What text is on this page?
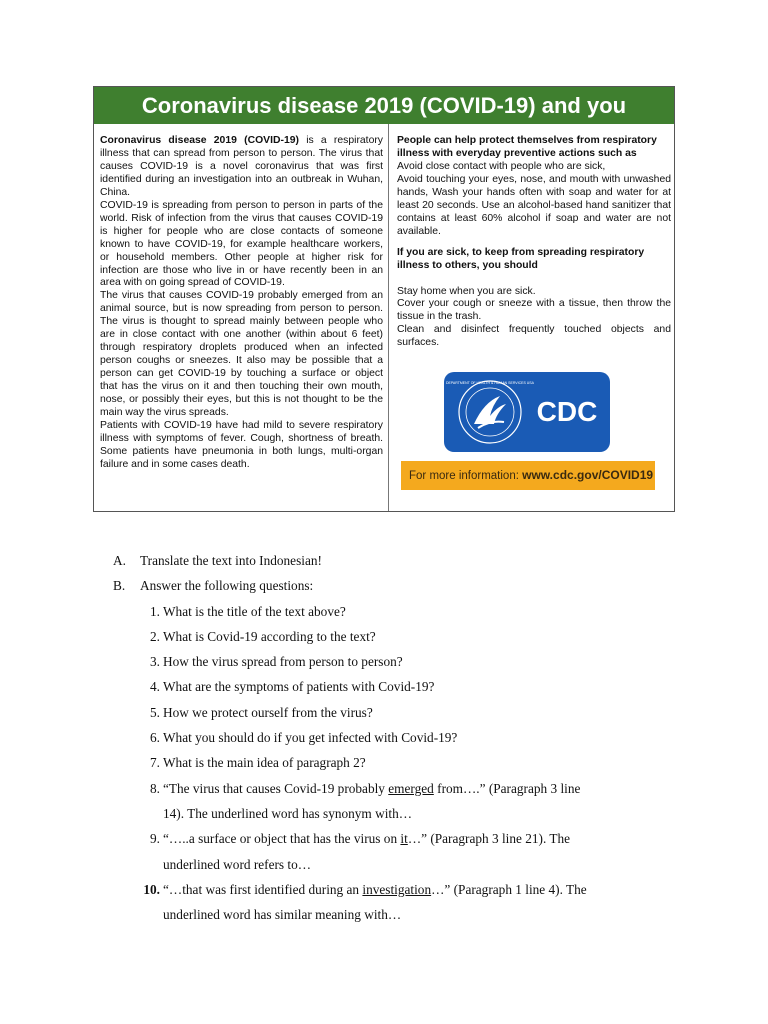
Coronavirus disease 2019 (COVID-19) and you

Coronavirus disease 2019 (COVID-19) is a respiratory illness that can spread from person to person. The virus that causes COVID-19 is a novel coronavirus that was first identified during an investigation into an outbreak in Wuhan, China.

COVID-19 is spreading from person to person in parts of the world. Risk of infection from the virus that causes COVID-19 is higher for people who are close contacts of someone known to have COVID-19, for example healthcare workers, or household members. Other people at higher risk for infection are those who live in or have recently been in an area with on going spread of COVID-19.

The virus that causes COVID-19 probably emerged from an animal source, but is now spreading from person to person. The virus is thought to spread mainly between people who are in close contact with one another (within about 6 feet) through respiratory droplets produced when an infected person coughs or sneezes. It also may be possible that a person can get COVID-19 by touching a surface or object that has the virus on it and then touching their own mouth, nose, or possibly their eyes, but this is not thought to be the main way the virus spreads.

Patients with COVID-19 have had mild to severe respiratory illness with symptoms of fever. Cough, shortness of breath. Some patients have pneumonia in both lungs, multi-organ failure and in some cases death.

People can help protect themselves from respiratory illness with everyday preventive actions such as

Avoid close contact with people who are sick,

Avoid touching your eyes, nose, and mouth with unwashed hands, Wash your hands often with soap and water for at least 20 seconds. Use an alcohol-based hand sanitizer that contains at least 60% alcohol if soap and water are not available.

If you are sick, to keep from spreading respiratory illness to others, you should

Stay home when you are sick.

Cover your cough or sneeze with a tissue, then throw the tissue in the trash.

Clean and disinfect frequently touched objects and surfaces.

CDC
DEPARTMENT OF HEALTH & HUMAN SERVICES USA
For more information: www.cdc.gov/COVID19
A. Translate the text into Indonesian!
B. Answer the following questions:
1. What is the title of the text above?
2. What is Covid-19 according to the text?
3. How the virus spread from person to person?
4. What are the symptoms of patients with Covid-19?
5. How we protect ourself from the virus?
6. What you should do if you get infected with Covid-19?
7. What is the main idea of paragraph 2?
8. “The virus that causes Covid-19 probably emerged from….” (Paragraph 3 line
14). The underlined word has synonym with…
9. “…..a surface or object that has the virus on it…” (Paragraph 3 line 21). The
underlined word refers to…
10. “…that was first identified during an investigation…” (Paragraph 1 line 4). The
underlined word has similar meaning with…
